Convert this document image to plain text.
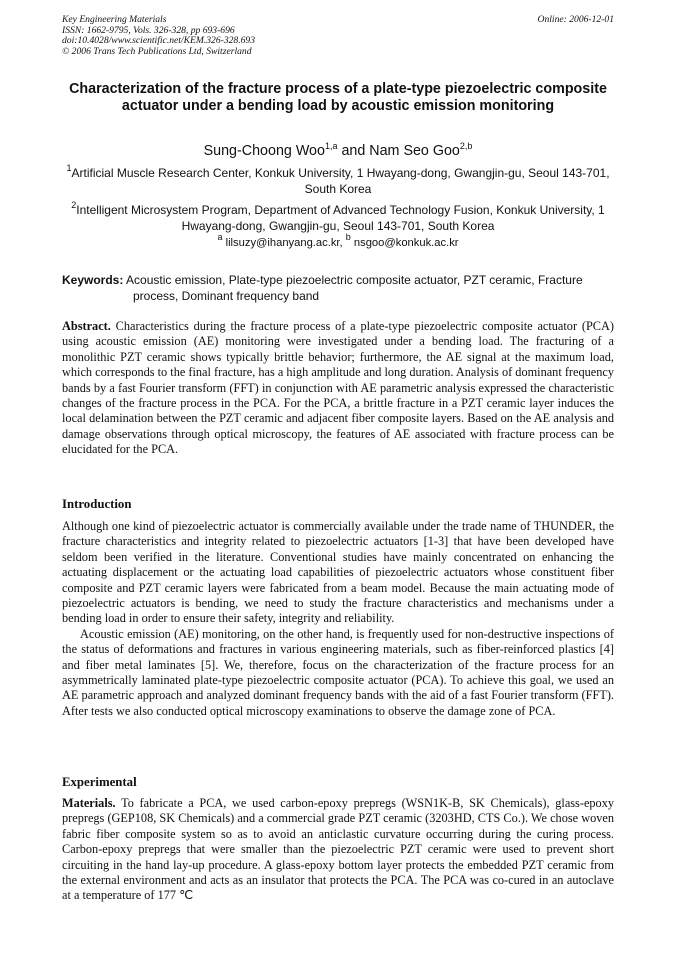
Key Engineering Materials
ISSN: 1662-9795, Vols. 326-328, pp 693-696
doi:10.4028/www.scientific.net/KEM.326-328.693
© 2006 Trans Tech Publications Ltd, Switzerland
Online: 2006-12-01
Characterization of the fracture process of a plate-type piezoelectric composite actuator under a bending load by acoustic emission monitoring
Sung-Choong Woo$^{1,a}$ and Nam Seo Goo$^{2,b}$
$^1$Artificial Muscle Research Center, Konkuk University, 1 Hwayang-dong, Gwangjin-gu, Seoul 143-701, South Korea
$^2$Intelligent Microsystem Program, Department of Advanced Technology Fusion, Konkuk University, 1 Hwayang-dong, Gwangjin-gu, Seoul 143-701, South Korea
$^a$ lilsuzy@ihanyang.ac.kr, $^b$ nsgoo@konkuk.ac.kr
Keywords: Acoustic emission, Plate-type piezoelectric composite actuator, PZT ceramic, Fracture
process, Dominant frequency band
Abstract. Characteristics during the fracture process of a plate-type piezoelectric composite actuator (PCA) using acoustic emission (AE) monitoring were investigated under a bending load. The fracturing of a monolithic PZT ceramic shows typically brittle behavior; furthermore, the AE signal at the maximum load, which corresponds to the final fracture, has a high amplitude and long duration. Analysis of dominant frequency bands by a fast Fourier transform (FFT) in conjunction with AE parametric analysis expressed the characteristic changes of the fracture process in the PCA. For the PCA, a brittle fracture in a PZT ceramic layer induces the local delamination between the PZT ceramic and adjacent fiber composite layers. Based on the AE analysis and damage observations through optical microscopy, the features of AE associated with fracture process can be elucidated for the PCA.
Introduction

Although one kind of piezoelectric actuator is commercially available under the trade name of THUNDER, the fracture characteristics and integrity related to piezoelectric actuators [1-3] that have been developed have seldom been verified in the literature. Conventional studies have mainly concentrated on enhancing the actuating displacement or the actuating load capabilities of piezoelectric actuators whose constituent fiber composite and PZT ceramic layers were fabricated from a beam model. Because the main actuating mode of piezoelectric actuators is bending, we need to study the fracture characteristics and mechanisms under a bending load in order to ensure their safety, integrity and reliability.

Acoustic emission (AE) monitoring, on the other hand, is frequently used for non-destructive inspections of the status of deformations and fractures in various engineering materials, such as fiber-reinforced plastics [4] and fiber metal laminates [5]. We, therefore, focus on the characterization of the fracture process for an asymmetrically laminated plate-type piezoelectric composite actuator (PCA). To achieve this goal, we used an AE parametric approach and analyzed dominant frequency bands with the aid of a fast Fourier transform (FFT). After tests we also conducted optical microscopy examinations to observe the damage zone of PCA.

Experimental
Materials. To fabricate a PCA, we used carbon-epoxy prepregs (WSN1K-B, SK Chemicals), glass-epoxy prepregs (GEP108, SK Chemicals) and a commercial grade PZT ceramic (3203HD, CTS Co.). We chose woven fabric fiber composite system so as to avoid an anticlastic curvature occurring during the curing process. Carbon-epoxy prepregs that were smaller than the piezoelectric PZT ceramic were used to prevent short circuiting in the hand lay-up procedure. A glass-epoxy bottom layer protects the embedded PZT ceramic from the external environment and acts as an insulator that protects the PCA. The PCA was co-cured in an autoclave at a temperature of 177 ℃
